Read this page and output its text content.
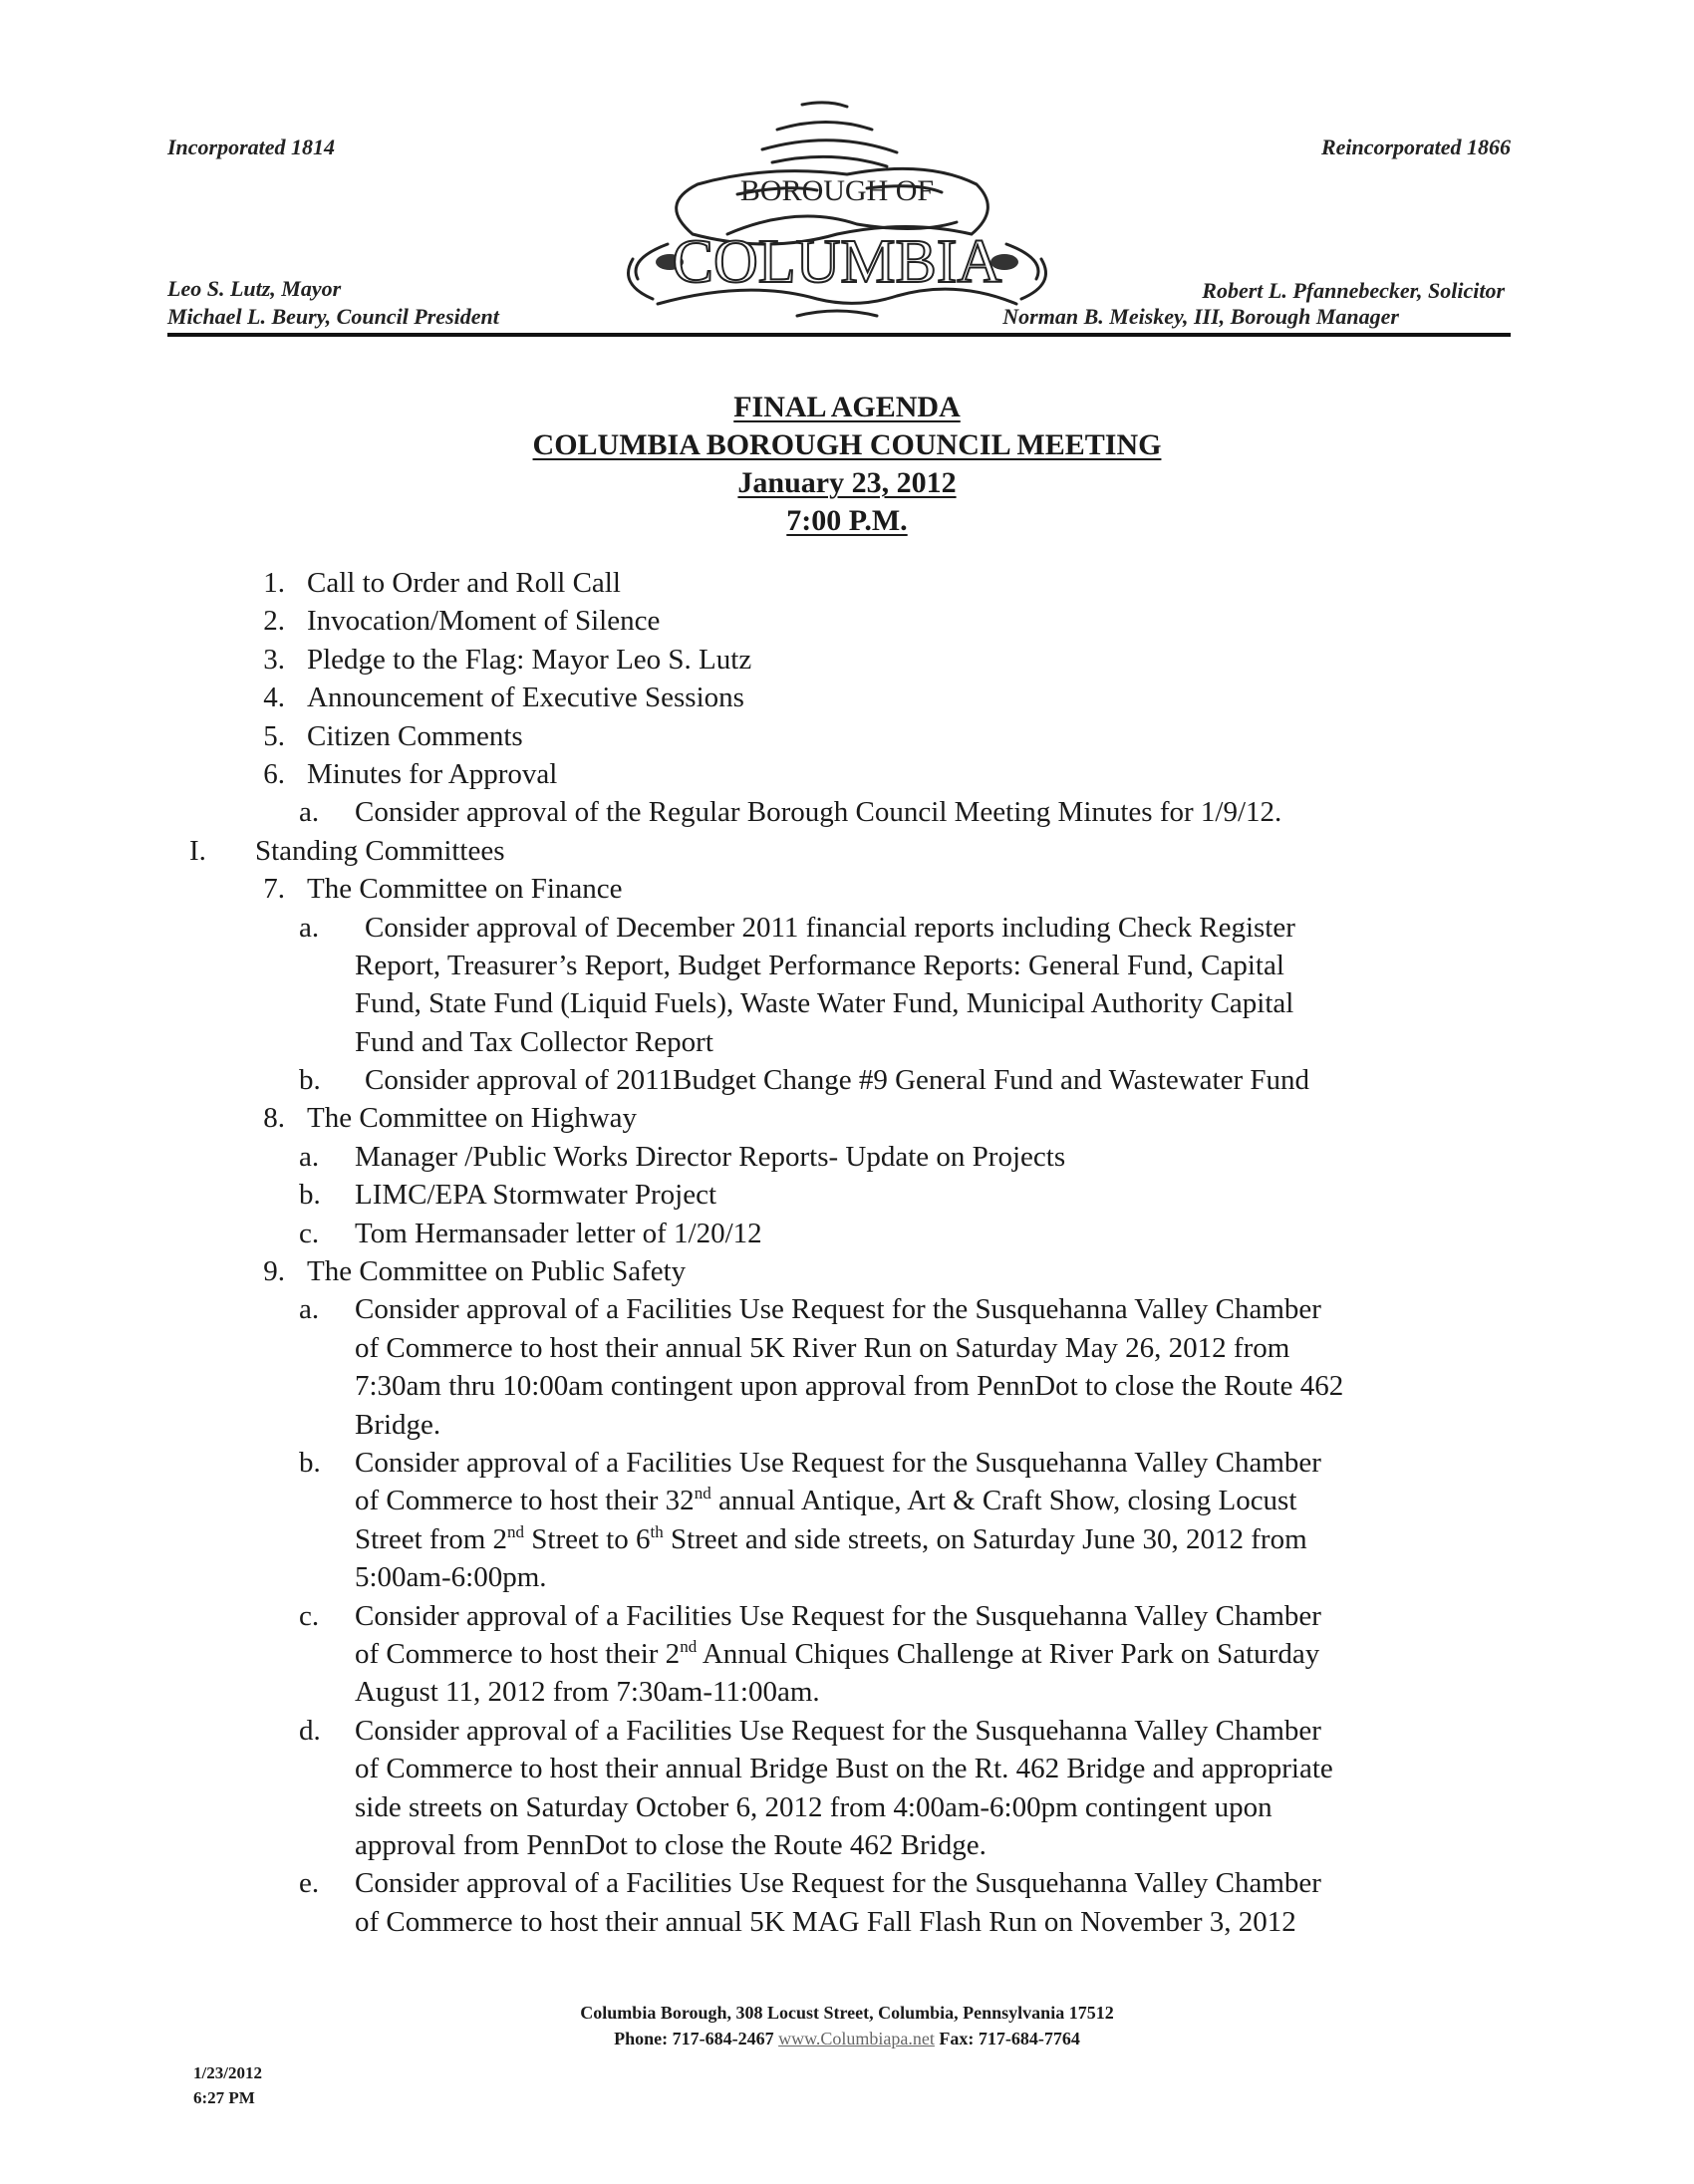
Incorporated 1814	Reincorporated 1866
BOROUGH OF
COLUMBIA
Leo S. Lutz, Mayor
Michael L. Beury, Council President
Robert L. Pfannebecker, Solicitor
Norman B. Meiskey, III, Borough Manager
FINAL AGENDA
COLUMBIA BOROUGH COUNCIL MEETING
January 23, 2012
7:00 P.M.
1. Call to Order and Roll Call
2. Invocation/Moment of Silence
3. Pledge to the Flag: Mayor Leo S. Lutz
4. Announcement of Executive Sessions
5. Citizen Comments
6. Minutes for Approval
a.	Consider approval of the Regular Borough Council Meeting Minutes for 1/9/12.
I.	Standing Committees
7. The Committee on Finance
a.	Consider approval of December 2011 financial reports including Check Register
Report, Treasurer’s Report, Budget Performance Reports: General Fund, Capital
Fund, State Fund (Liquid Fuels), Waste Water Fund, Municipal Authority Capital
Fund and Tax Collector Report
b.	Consider approval of 2011Budget Change #9 General Fund and Wastewater Fund
8. The Committee on Highway
a.	Manager /Public Works Director Reports- Update on Projects
b.	LIMC/EPA Stormwater Project
c.	Tom Hermansader letter of 1/20/12
9. The Committee on Public Safety
a.	Consider approval of a Facilities Use Request for the Susquehanna Valley Chamber
of Commerce to host their annual 5K River Run on Saturday May 26, 2012 from
7:30am thru 10:00am contingent upon approval from PennDot to close the Route 462
Bridge.
b.	Consider approval of a Facilities Use Request for the Susquehanna Valley Chamber
of Commerce to host their 32nd annual Antique, Art & Craft Show, closing Locust
Street from 2nd Street to 6th Street and side streets, on Saturday June 30, 2012 from
5:00am-6:00pm.
c.	Consider approval of a Facilities Use Request for the Susquehanna Valley Chamber
of Commerce to host their 2nd Annual Chiques Challenge at River Park on Saturday
August 11, 2012 from 7:30am-11:00am.
d.	Consider approval of a Facilities Use Request for the Susquehanna Valley Chamber
of Commerce to host their annual Bridge Bust on the Rt. 462 Bridge and appropriate
side streets on Saturday October 6, 2012 from 4:00am-6:00pm contingent upon
approval from PennDot to close the Route 462 Bridge.
e.	Consider approval of a Facilities Use Request for the Susquehanna Valley Chamber
of Commerce to host their annual 5K MAG Fall Flash Run on November 3, 2012
Columbia Borough, 308 Locust Street, Columbia, Pennsylvania 17512
Phone: 717-684-2467 www.Columbiapa.net Fax: 717-684-7764
1/23/2012
6:27 PM
